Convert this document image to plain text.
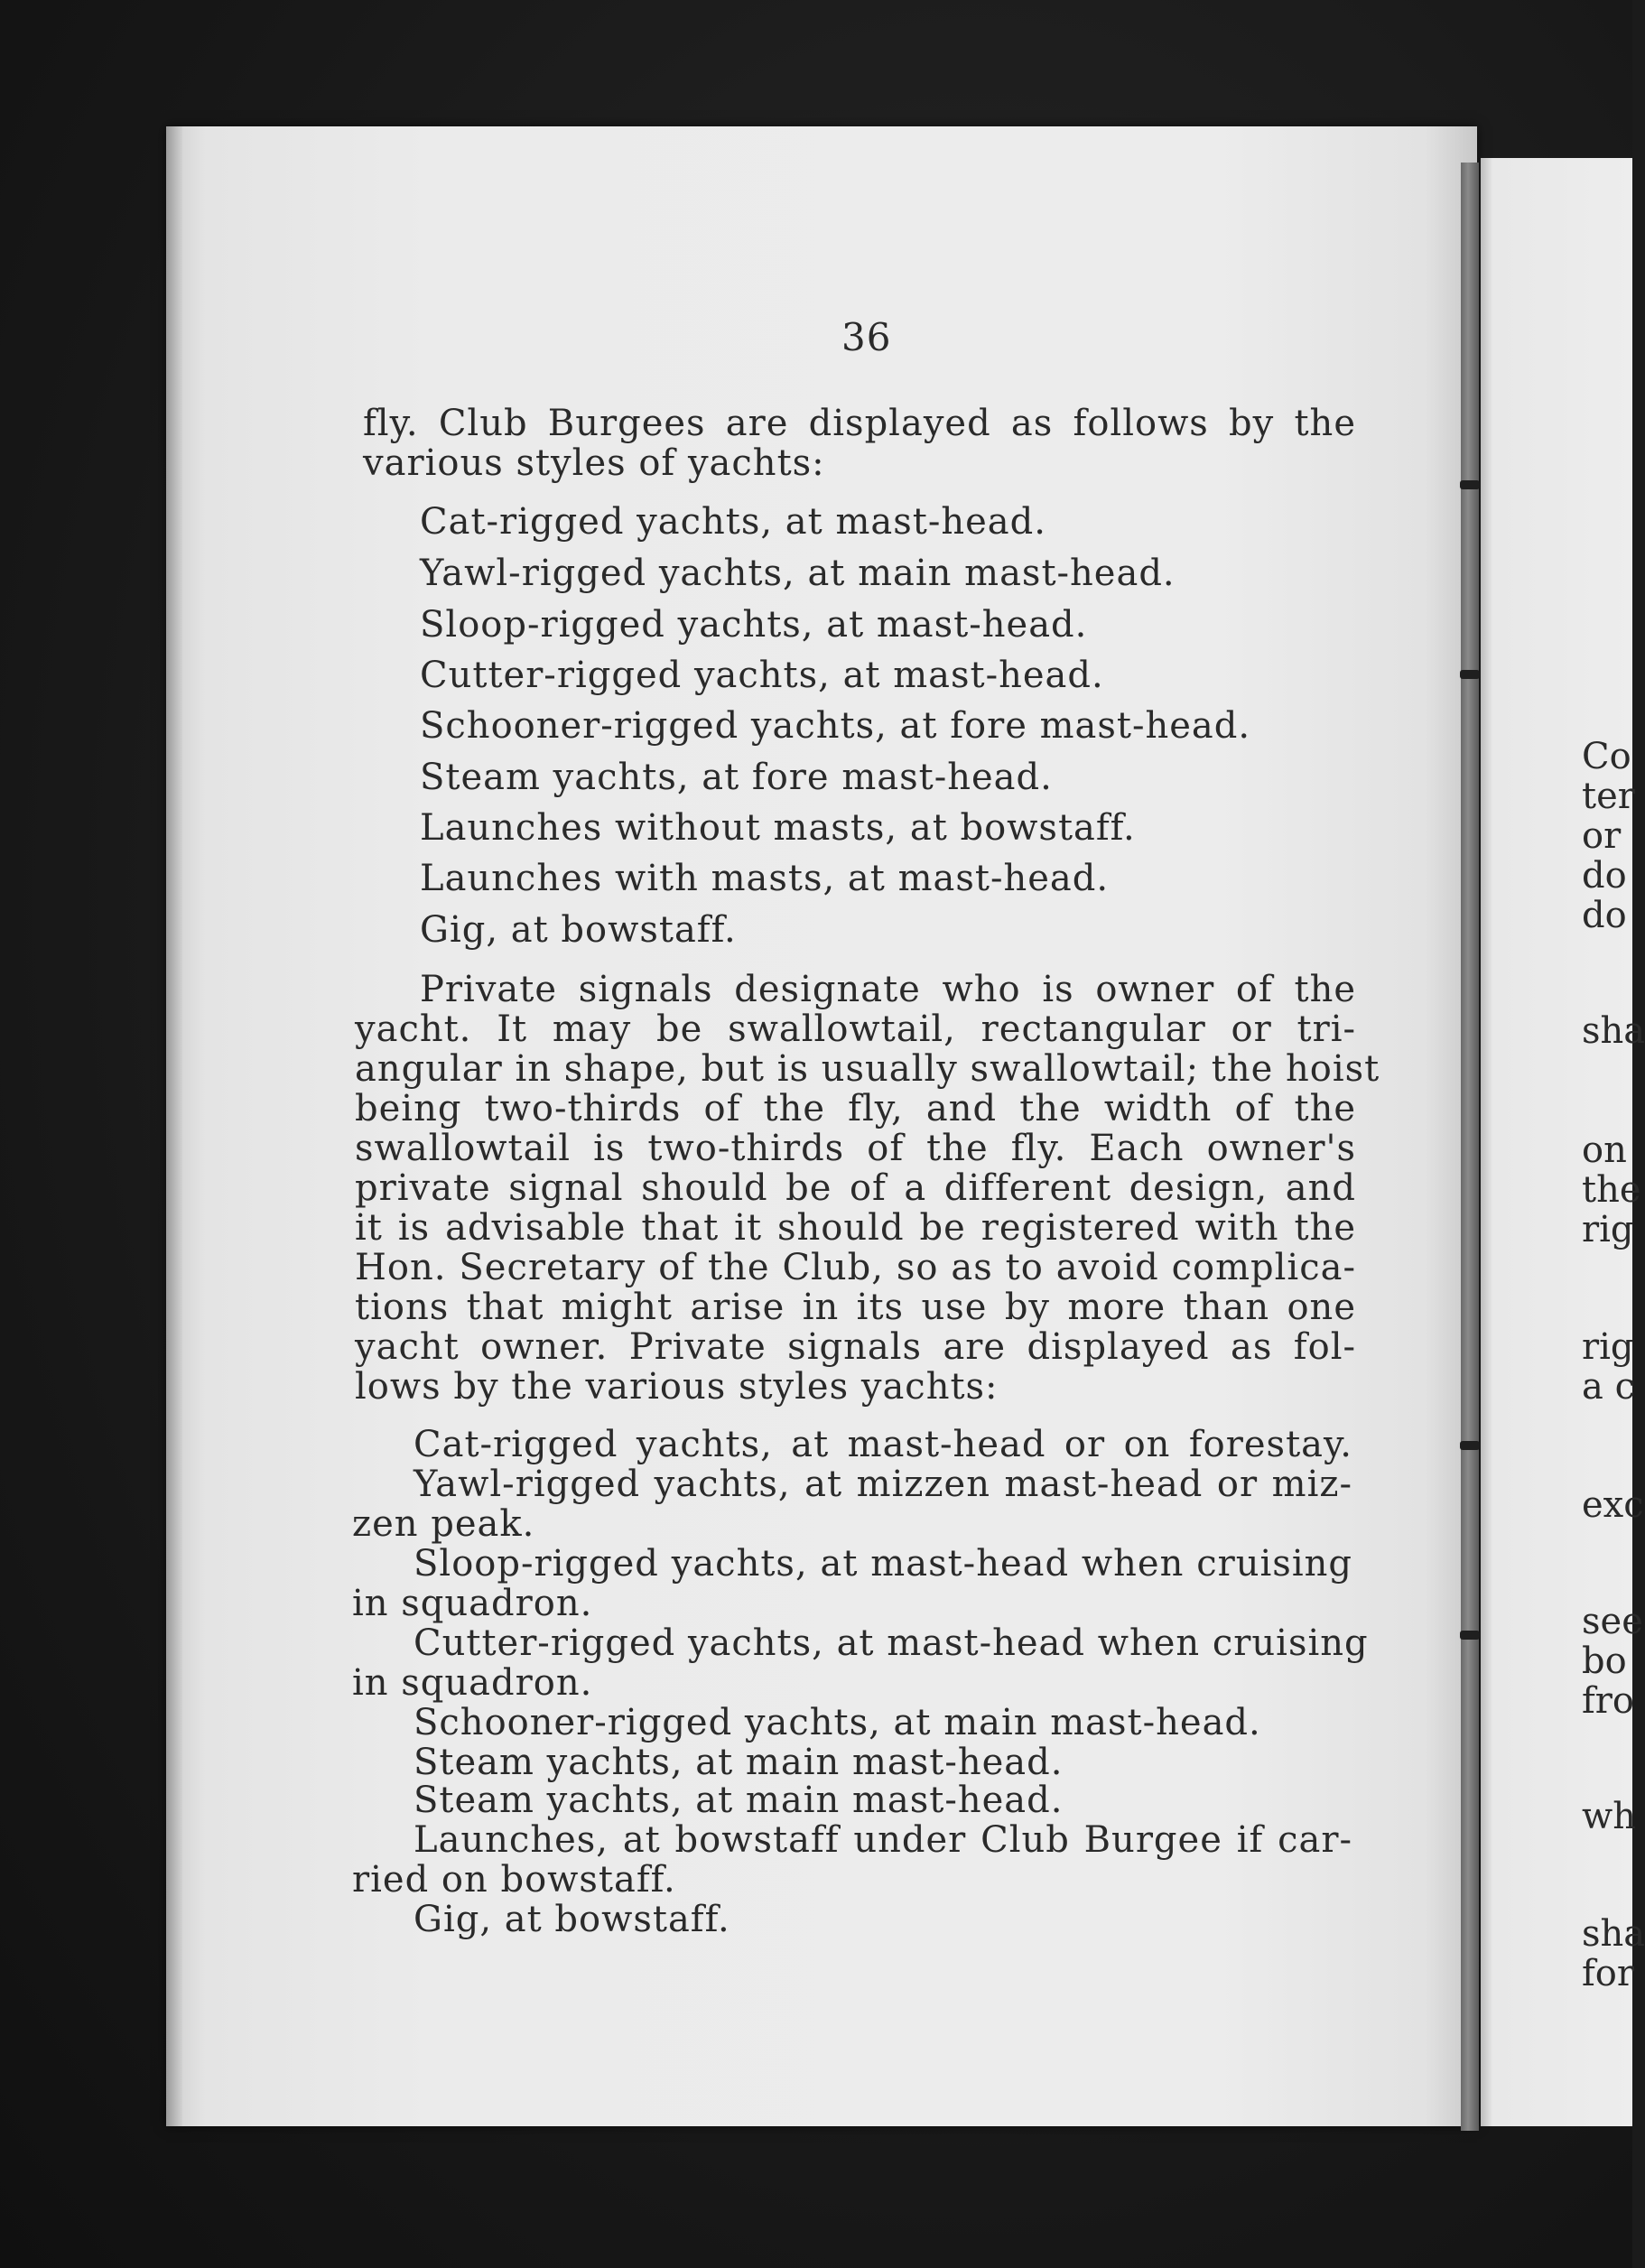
36
fly. Club Burgees are displayed as follows by the
various styles of yachts:
Cat-rigged yachts, at mast-head.
Yawl-rigged yachts, at main mast-head.
Sloop-rigged yachts, at mast-head.
Cutter-rigged yachts, at mast-head.
Schooner-rigged yachts, at fore mast-head.
Steam yachts, at fore mast-head.
Launches without masts, at bowstaff.
Launches with masts, at mast-head.
Gig, at bowstaff.
Private signals designate who is owner of the
yacht. It may be swallowtail, rectangular or tri-
angular in shape, but is usually swallowtail; the hoist
being two-thirds of the fly, and the width of the
swallowtail is two-thirds of the fly. Each owner's
private signal should be of a different design, and
it is advisable that it should be registered with the
Hon. Secretary of the Club, so as to avoid complica-
tions that might arise in its use by more than one
yacht owner. Private signals are displayed as fol-
lows by the various styles yachts:
Cat-rigged yachts, at mast-head or on forestay.
Yawl-rigged yachts, at mizzen mast-head or miz-
zen peak.
Sloop-rigged yachts, at mast-head when cruising
in squadron.
Cutter-rigged yachts, at mast-head when cruising
in squadron.
Schooner-rigged yachts, at main mast-head.
Steam yachts, at main mast-head.
Steam yachts, at main mast-head.
Launches, at bowstaff under Club Burgee if car-
ried on bowstaff.
Gig, at bowstaff.
Co
ter
or
do
do
sha
on
the
rig
rig
a c
exc
see
bo
fro
wh
sha
for
